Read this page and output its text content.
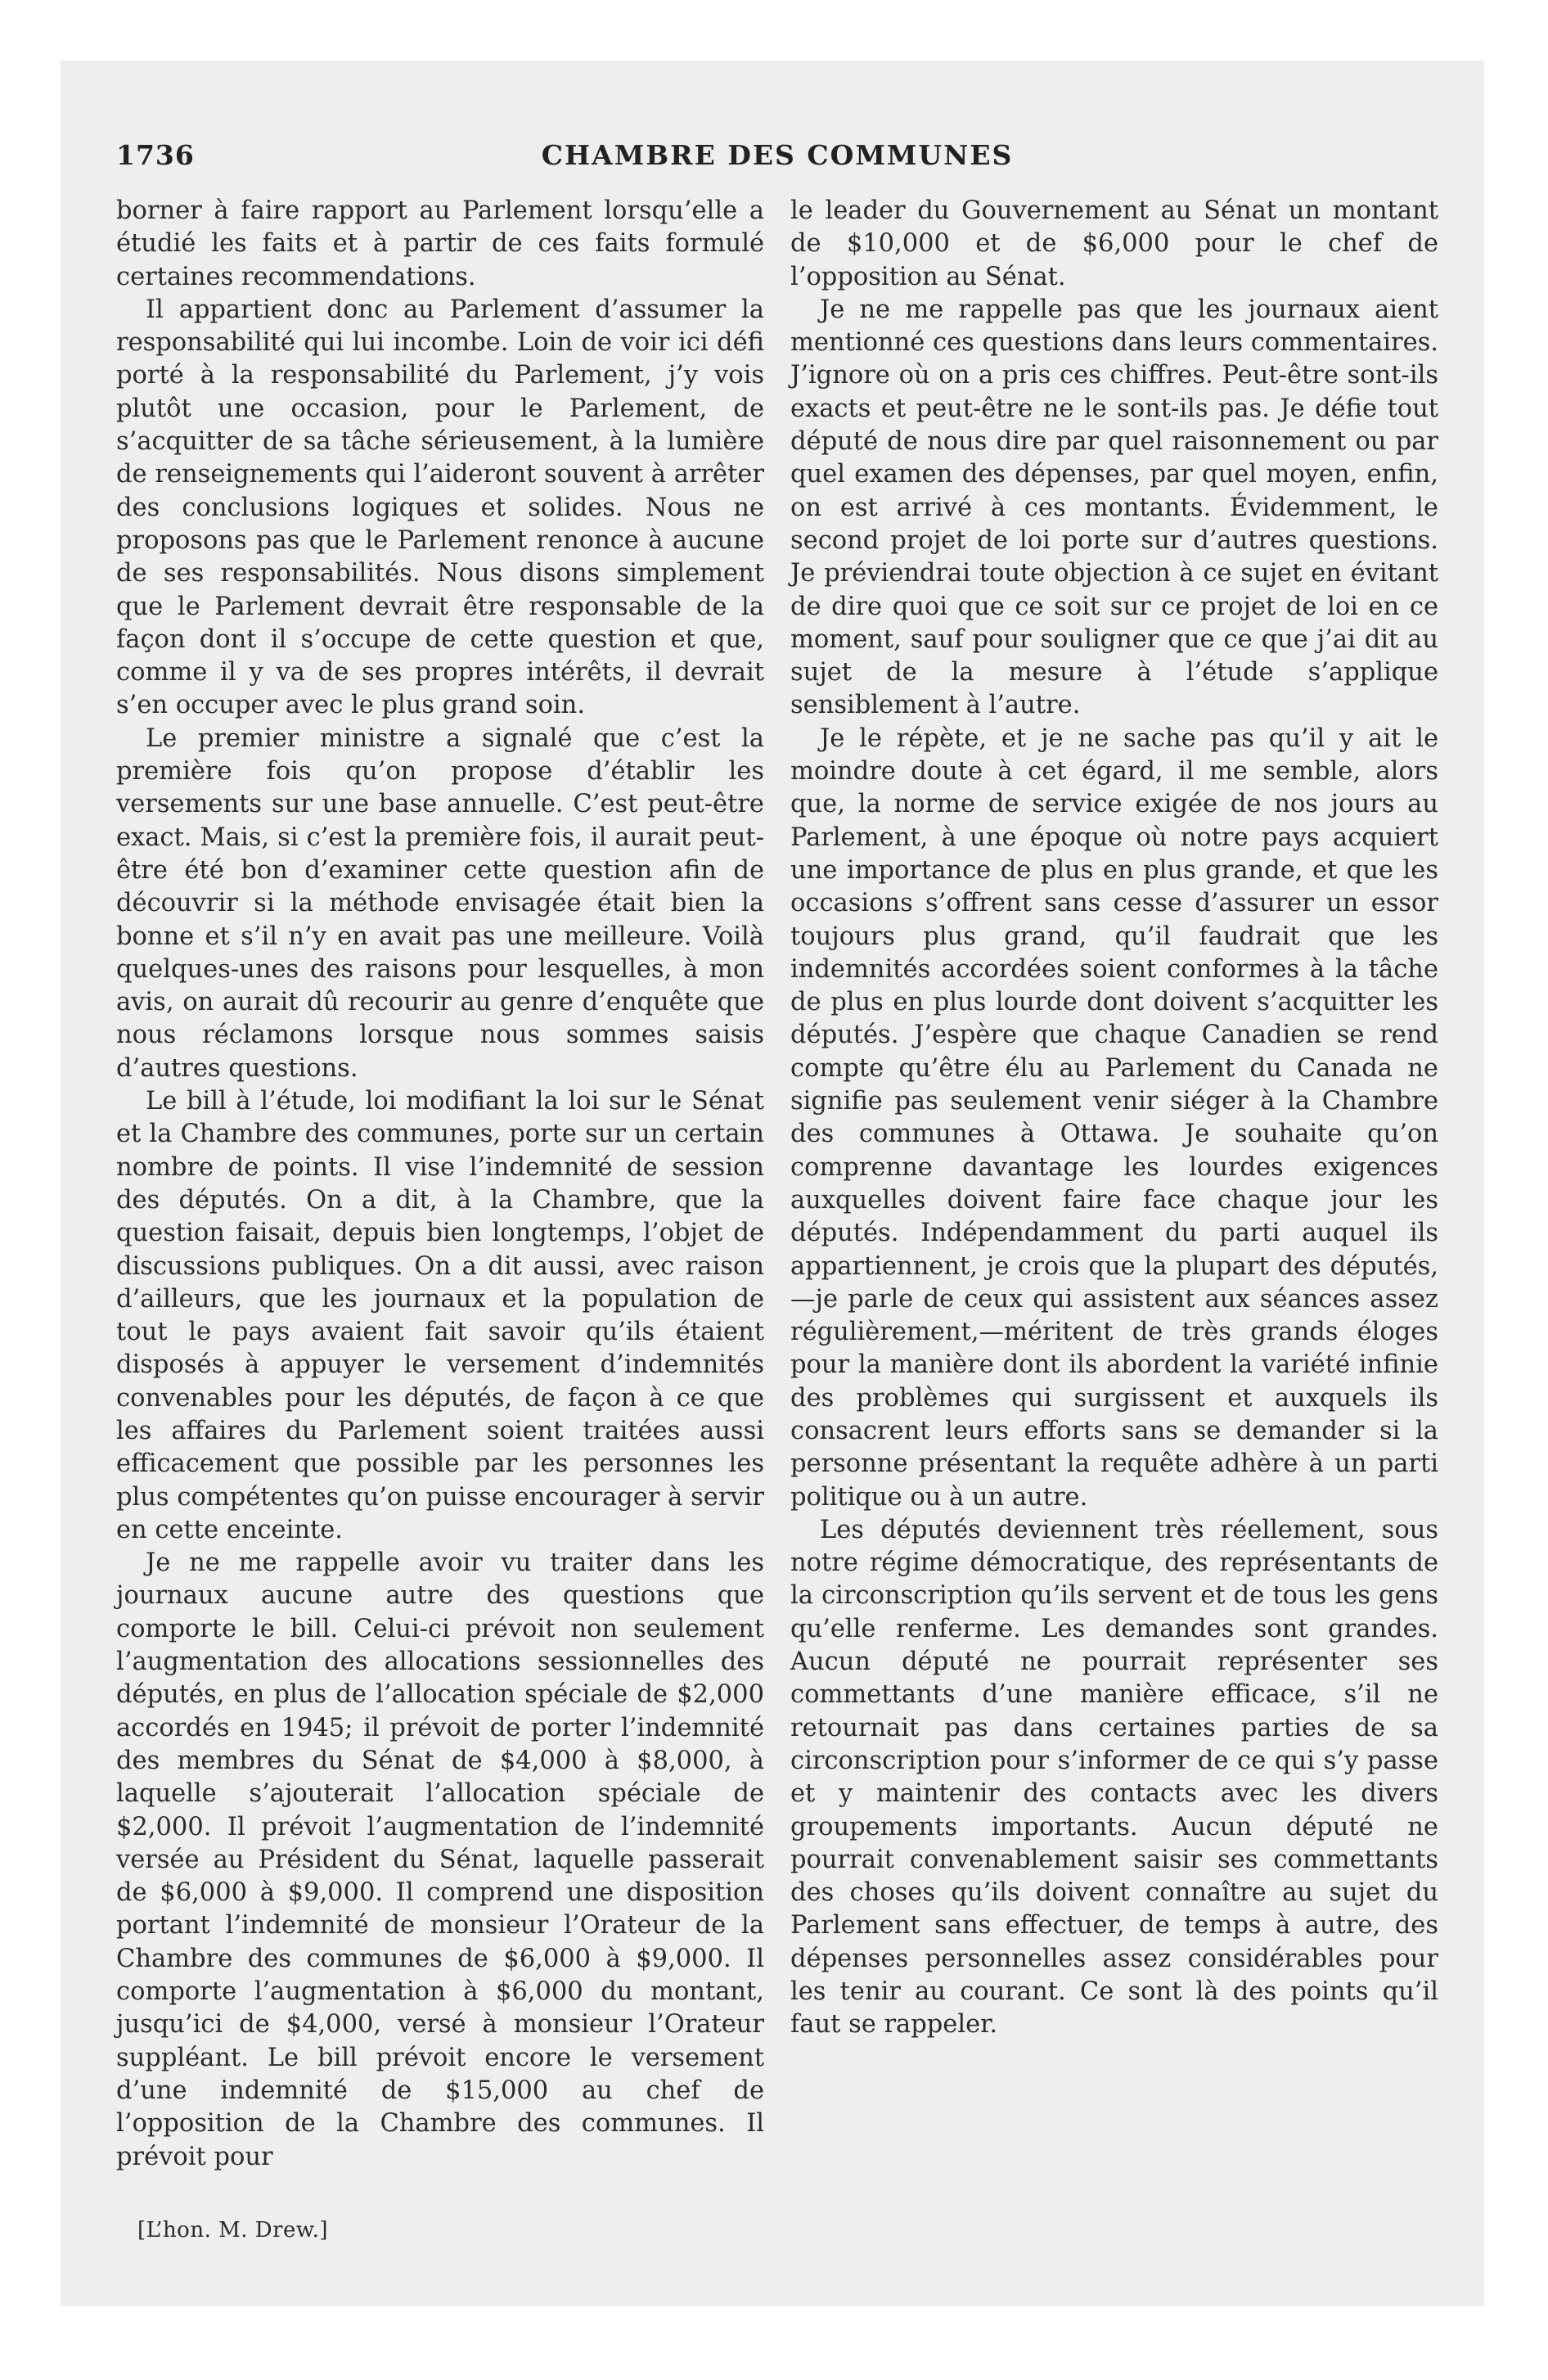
1736	CHAMBRE DES COMMUNES

borner à faire rapport au Parlement lorsqu’elle a étudié les faits et à partir de ces faits formulé certaines recommendations.

Il appartient donc au Parlement d’assumer la responsabilité qui lui incombe. Loin de voir ici défi porté à la responsabilité du Parlement, j’y vois plutôt une occasion, pour le Parlement, de s’acquitter de sa tâche sérieusement, à la lumière de renseignements qui l’aideront souvent à arrêter des conclusions logiques et solides. Nous ne proposons pas que le Parlement renonce à aucune de ses responsabilités. Nous disons simplement que le Parlement devrait être responsable de la façon dont il s’occupe de cette question et que, comme il y va de ses propres intérêts, il devrait s’en occuper avec le plus grand soin.

Le premier ministre a signalé que c’est la première fois qu’on propose d’établir les versements sur une base annuelle. C’est peut-être exact. Mais, si c’est la première fois, il aurait peut-être été bon d’examiner cette question afin de découvrir si la méthode envisagée était bien la bonne et s’il n’y en avait pas une meilleure. Voilà quelques-unes des raisons pour lesquelles, à mon avis, on aurait dû recourir au genre d’enquête que nous réclamons lorsque nous sommes saisis d’autres questions.

Le bill à l’étude, loi modifiant la loi sur le Sénat et la Chambre des communes, porte sur un certain nombre de points. Il vise l’indemnité de session des députés. On a dit, à la Chambre, que la question faisait, depuis bien longtemps, l’objet de discussions publiques. On a dit aussi, avec raison d’ailleurs, que les journaux et la population de tout le pays avaient fait savoir qu’ils étaient disposés à appuyer le versement d’indemnités convenables pour les députés, de façon à ce que les affaires du Parlement soient traitées aussi efficacement que possible par les personnes les plus compétentes qu’on puisse encourager à servir en cette enceinte.

Je ne me rappelle avoir vu traiter dans les journaux aucune autre des questions que comporte le bill. Celui-ci prévoit non seulement l’augmentation des allocations sessionnelles des députés, en plus de l’allocation spéciale de $2,000 accordés en 1945; il prévoit de porter l’indemnité des membres du Sénat de $4,000 à $8,000, à laquelle s’ajouterait l’allocation spéciale de $2,000. Il prévoit l’augmentation de l’indemnité versée au Président du Sénat, laquelle passerait de $6,000 à $9,000. Il comprend une disposition portant l’indemnité de monsieur l’Orateur de la Chambre des communes de $6,000 à $9,000. Il comporte l’augmentation à $6,000 du montant, jusqu’ici de $4,000, versé à monsieur l’Orateur suppléant. Le bill prévoit encore le versement d’une indemnité de $15,000 au chef de l’opposition de la Chambre des communes. Il prévoit pour

le leader du Gouvernement au Sénat un montant de $10,000 et de $6,000 pour le chef de l’opposition au Sénat.

Je ne me rappelle pas que les journaux aient mentionné ces questions dans leurs commentaires. J’ignore où on a pris ces chiffres. Peut-être sont-ils exacts et peut-être ne le sont-ils pas. Je défie tout député de nous dire par quel raisonnement ou par quel examen des dépenses, par quel moyen, enfin, on est arrivé à ces montants. Évidemment, le second projet de loi porte sur d’autres questions. Je préviendrai toute objection à ce sujet en évitant de dire quoi que ce soit sur ce projet de loi en ce moment, sauf pour souligner que ce que j’ai dit au sujet de la mesure à l’étude s’applique sensiblement à l’autre.

Je le répète, et je ne sache pas qu’il y ait le moindre doute à cet égard, il me semble, alors que, la norme de service exigée de nos jours au Parlement, à une époque où notre pays acquiert une importance de plus en plus grande, et que les occasions s’offrent sans cesse d’assurer un essor toujours plus grand, qu’il faudrait que les indemnités accordées soient conformes à la tâche de plus en plus lourde dont doivent s’acquitter les députés. J’espère que chaque Canadien se rend compte qu’être élu au Parlement du Canada ne signifie pas seulement venir siéger à la Chambre des communes à Ottawa. Je souhaite qu’on comprenne davantage les lourdes exigences auxquelles doivent faire face chaque jour les députés. Indépendamment du parti auquel ils appartiennent, je crois que la plupart des députés,—je parle de ceux qui assistent aux séances assez régulièrement,—méritent de très grands éloges pour la manière dont ils abordent la variété infinie des problèmes qui surgissent et auxquels ils consacrent leurs efforts sans se demander si la personne présentant la requête adhère à un parti politique ou à un autre.

Les députés deviennent très réellement, sous notre régime démocratique, des représentants de la circonscription qu’ils servent et de tous les gens qu’elle renferme. Les demandes sont grandes. Aucun député ne pourrait représenter ses commettants d’une manière efficace, s’il ne retournait pas dans certaines parties de sa circonscription pour s’informer de ce qui s’y passe et y maintenir des contacts avec les divers groupements importants. Aucun député ne pourrait convenablement saisir ses commettants des choses qu’ils doivent connaître au sujet du Parlement sans effectuer, de temps à autre, des dépenses personnelles assez considérables pour les tenir au courant. Ce sont là des points qu’il faut se rappeler.

[L’hon. M. Drew.]
